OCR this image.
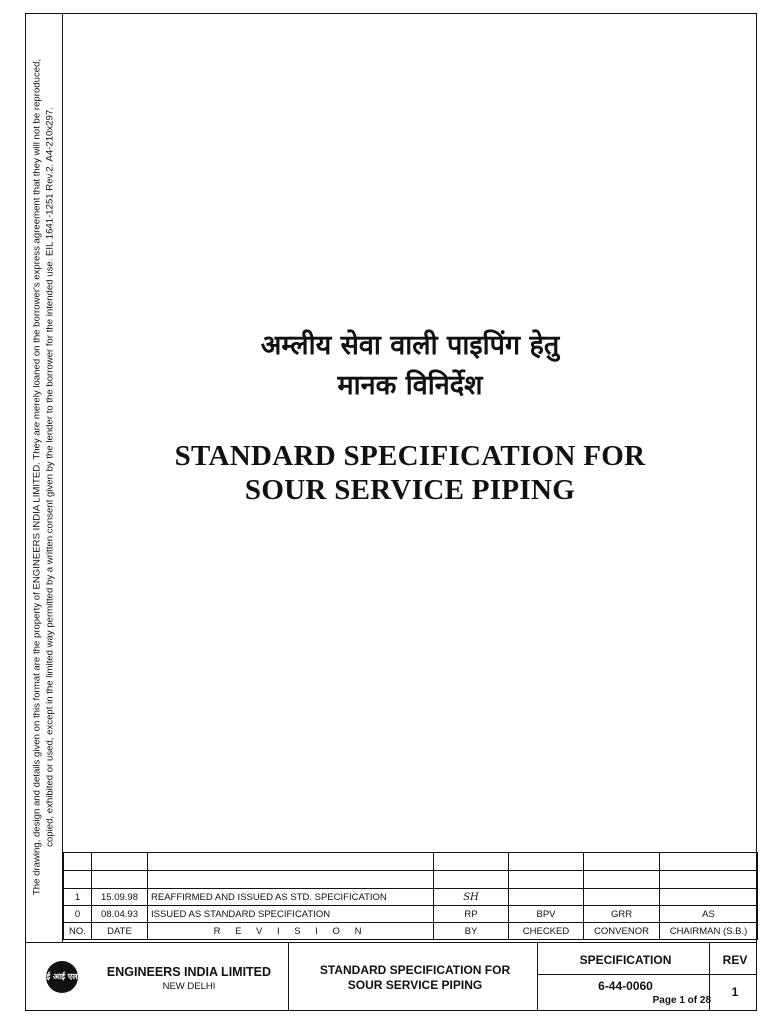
The drawing, design and details given on this format are the property of ENGINEERS INDIA LIMITED. They are merely loaned on the borrower's express agreement that they will not be reproduced, copied, exhibited or used, except in the limited way permitted by a written consent given by the lender to the borrower for the intended use. EIL 1641-1251 Rev.2. A4-210x297.	अम्लीय सेवा वाली पाइपिंग हेतु
मानक विनिर्देश
STANDARD SPECIFICATION FOR
SOUR SERVICE PIPING

1	15.09.98	REAFFIRMED AND ISSUED AS STD. SPECIFICATION	SH			
0	08.04.93	ISSUED AS STANDARD SPECIFICATION	RP	BPV	GRR	AS
NO.	DATE	R E V I S I O N	BY	CHECKED	CONVENOR	CHAIRMAN (S.B.)
ई आई एल	ENGINEERS INDIA LIMITED
NEW DELHI
STANDARD SPECIFICATION FOR
SOUR SERVICE PIPING
SPECIFICATION	REV
6-44-0060
Page 1 of 28
1
